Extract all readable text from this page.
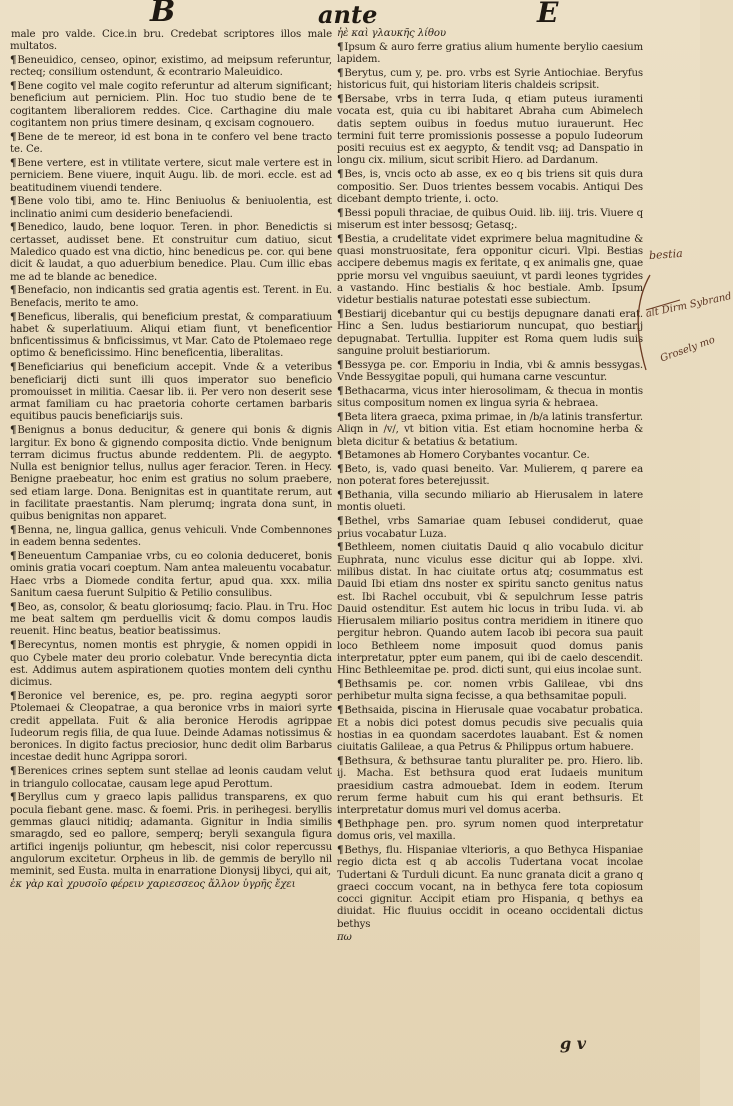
B	ante	E

male pro valde. Cice.in bru. Credebat scriptores illos male multatos.

¶Beneuidico, censeo, opinor, existimo, ad meipsum referuntur, recteq; consilium ostendunt, & econtrario Maleuidico.

¶Bene cogito vel male cogito referuntur ad alterum significant; beneficium aut perniciem. Plin. Hoc tuo studio bene de te cogitantem liberaliorem reddes. Cice. Carthagine diu male cogitantem non prius timere desinam, q excisam cognouero.

¶Bene de te mereor, id est bona in te confero vel bene tracto te. Ce.

¶Bene vertere, est in vtilitate vertere, sicut male vertere est in perniciem. Bene viuere, inquit Augu. lib. de mori. eccle. est ad beatitudinem viuendi tendere.

¶Bene volo tibi, amo te. Hinc Beniuolus & beniuolentia, est inclinatio animi cum desiderio benefaciendi.

¶Benedico, laudo, bene loquor. Teren. in phor. Benedictis si certasset, audisset bene. Et construitur cum datiuo, sicut Maledico quado est vna dictio, hinc benedicus pe. cor. qui bene dicit & laudat, a quo aduerbium benedice. Plau. Cum illic ebas me ad te blande ac benedice.

¶Benefacio, non indicantis sed gratia agentis est. Terent. in Eu. Benefacis, merito te amo.

¶Beneficus, liberalis, qui beneficium prestat, & comparatiuum habet & superlatiuum. Aliqui etiam fiunt, vt beneficentior bnficentissimus & bnficissimus, vt Mar. Cato de Ptolemaeo rege optimo & beneficissimo. Hinc beneficentia, liberalitas.

¶Beneficiarius qui beneficium accepit. Vnde & a veteribus beneficiarij dicti sunt illi quos imperator suo beneficio promouisset in militia. Caesar lib. ii. Per vero non deserit sese armat familiam cu hac praetoria cohorte certamen barbaris equitibus paucis beneficiarijs suis.

¶Benignus a bonus deducitur, & genere qui bonis & dignis largitur. Ex bono & gignendo composita dictio. Vnde benignum terram dicimus fructus abunde reddentem. Pli. de aegypto. Nulla est benignior tellus, nullus ager feracior. Teren. in Hecy. Benigne praebeatur, hoc enim est gratius no solum praebere, sed etiam large. Dona. Benignitas est in quantitate rerum, aut in facilitate praestantis. Nam plerumq; ingrata dona sunt, in quibus benignitas non apparet.

¶Benna, ne, lingua gallica, genus vehiculi. Vnde Combennones in eadem benna sedentes.

¶Beneuentum Campaniae vrbs, cu eo colonia deduceret, bonis ominis gratia vocari coeptum. Nam antea maleuentu vocabatur. Haec vrbs a Diomede condita fertur, apud qua. xxx. milia Sanitum caesa fuerunt Sulpitio & Petilio consulibus.

¶Beo, as, consolor, & beatu gloriosumq; facio. Plau. in Tru. Hoc me beat saltem qm perduellis vicit & domu compos laudis reuenit. Hinc beatus, beatior beatissimus.

¶Berecyntus, nomen montis est phrygie, & nomen oppidi in quo Cybele mater deu prorio colebatur. Vnde berecyntia dicta est. Addimus autem aspirationem quoties montem deli cynthu dicimus.

¶Beronice vel berenice, es, pe. pro. regina aegypti soror Ptolemaei & Cleopatrae, a qua beronice vrbs in maiori syrte credit appellata. Fuit & alia beronice Herodis agrippae Iudeorum regis filia, de qua Iuue. Deinde Adamas notissimus & beronices. In digito factus preciosior, hunc dedit olim Barbarus incestae dedit hunc Agrippa sorori.

¶Berenices crines septem sunt stellae ad leonis caudam velut in triangulo collocatae, causam lege apud Perottum.

¶Beryllus cum y graeco lapis pallidus transparens, ex quo pocula fiebant gene. masc. & foemi. Pris. in perihegesi. beryllis gemmas glauci nitidiq; adamanta. Gignitur in India similis smaragdo, sed eo pallore, semperq; beryli sexangula figura artifici ingenijs poliuntur, qm hebescit, nisi color repercussu angulorum excitetur. Orpheus in lib. de gemmis de beryllo nil meminit, sed Eusta. multa in enarratione Dionysij libyci, qui ait,

ἐκ γὰρ καὶ χρυσοῖο φέρειν χαριεσσεος ἄλλον ὑγρῆς ἔχει

ἠὲ καὶ γλαυκῆς λίθου

¶Ipsum & auro ferre gratius alium humente berylio caesium lapidem.

¶Berytus, cum y, pe. pro. vrbs est Syrie Antiochiae. Beryfus historicus fuit, qui historiam literis chaldeis scripsit.

¶Bersabe, vrbs in terra Iuda, q etiam puteus iuramenti vocata est, quia cu ibi habitaret Abraha cum Abimelech datis septem ouibus in foedus mutuo iurauerunt. Hec termini fuit terre promissionis possesse a populo Iudeorum positi recuius est ex aegypto, & tendit vsq; ad Danspatio in longu cix. milium, sicut scribit Hiero. ad Dardanum.

¶Bes, is, vncis octo ab asse, ex eo q bis triens sit quis dura compositio. Ser. Duos trientes bessem vocabis. Antiqui Des dicebant dempto triente, i. octo.

¶Bessi populi thraciae, de quibus Ouid. lib. iiij. tris. Viuere q miserum est inter bessosq; Getasq;.

¶Bestia, a crudelitate videt exprimere belua magnitudine & quasi monstruositate, fera opponitur cicuri. Vlpi. Bestias accipere debemus magis ex feritate, q ex animalis gne, quae pprie morsu vel vnguibus saeuiunt, vt pardi leones tygrides a vastando. Hinc bestialis & hoc bestiale. Amb. Ipsum videtur bestialis naturae potestati esse subiectum.

¶Bestiarij dicebantur qui cu bestijs depugnare danati erat. Hinc a Sen. ludus bestiariorum nuncupat, quo bestiarij depugnabat. Tertullia. Iuppiter est Roma quem ludis suis sanguine proluit bestiariorum.

¶Bessyga pe. cor. Emporiu in India, vbi & amnis bessygas. Vnde Bessygitae populi, qui humana carne vescuntur.

¶Bethacarma, vicus inter hierosolimam, & thecua in montis situs compositum nomen ex lingua syria & hebraea.

¶Beta litera graeca, pxima primae, in /b/a latinis transfertur. Aliqn in /v/, vt bition vitia. Est etiam hocnomine herba & bleta dicitur & betatius & betatium.

¶Betamones ab Homero Corybantes vocantur. Ce.

¶Beto, is, vado quasi beneito. Var. Mulierem, q parere ea non poterat fores beterejussit.

¶Bethania, villa secundo miliario ab Hierusalem in latere montis olueti.

¶Bethel, vrbs Samariae quam Iebusei condiderut, quae prius vocabatur Luza.

¶Bethleem, nomen ciuitatis Dauid q alio vocabulo dicitur Euphrata, nunc viculus esse dicitur qui ab Ioppe. xlvi. milibus distat. In hac ciuitate ortus atq; cosummatus est Dauid Ibi etiam dns noster ex spiritu sancto genitus natus est. Ibi Rachel occubuit, vbi & sepulchrum Iesse patris Dauid ostenditur. Est autem hic locus in tribu Iuda. vi. ab Hierusalem miliario positus contra meridiem in itinere quo pergitur hebron. Quando autem Iacob ibi pecora sua pauit loco Bethleem nome imposuit quod domus panis interpretatur, ppter eum panem, qui ibi de caelo descendit. Hinc Bethleemitae pe. prod. dicti sunt, qui eius incolae sunt.

¶Bethsamis pe. cor. nomen vrbis Galileae, vbi dns perhibetur multa signa fecisse, a qua bethsamitae populi.

¶Bethsaida, piscina in Hierusale quae vocabatur probatica. Et a nobis dici potest domus pecudis sive pecualis quia hostias in ea quondam sacerdotes lauabant. Est & nomen ciuitatis Galileae, a qua Petrus & Philippus ortum habuere.

¶Bethsura, & bethsurae tantu pluraliter pe. pro. Hiero. lib. ij. Macha. Est bethsura quod erat Iudaeis munitum praesidium castra admouebat. Idem in eodem. Iterum rerum ferme habuit cum his qui erant bethsuris. Et interpretatur domus muri vel domus acerba.

¶Bethphage pen. pro. syrum nomen quod interpretatur domus oris, vel maxilla.

¶Bethys, flu. Hispaniae vlterioris, a quo Bethyca Hispaniae regio dicta est q ab accolis Tudertana vocat incolae Tudertani & Turduli dicunt. Ea nunc granata dicit a grano q graeci coccum vocant, na in bethyca fere tota copiosum cocci gignitur. Accipit etiam pro Hispania, q bethys ea diuidat. Hic fluuius occidit in oceano occidentali dictus bethys

πω

bestia
alt Dirm Sybrand
Grosely mo
g v
